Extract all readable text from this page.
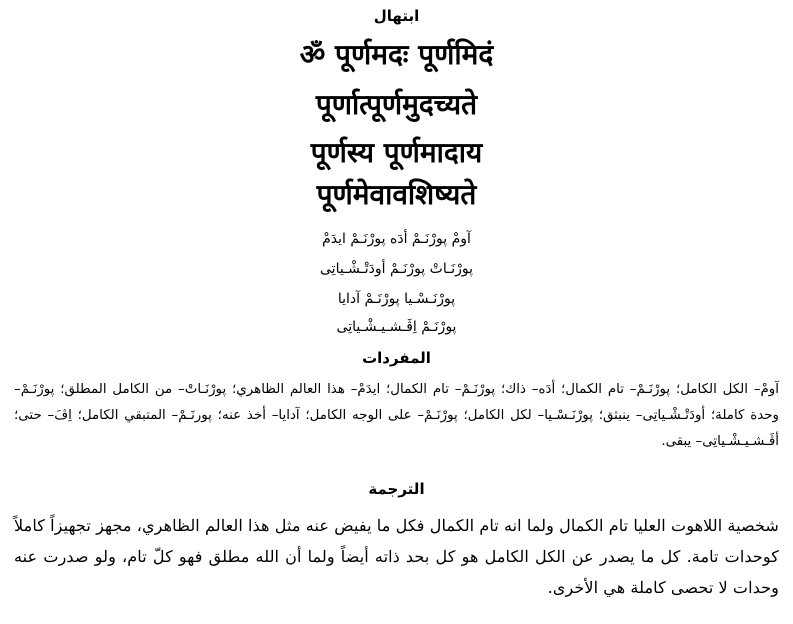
ابتهال
ॐ पूर्णमदः पूर्णमिदं
पूर्णात्पूर्णमुदच्यते
पूर्णस्य पूर्णमादाय
पूर्णमेवावशिष्यते
آومْ پورْنَـمْ أدَه پورْنَـمْ ایدَمْ
پورْنَـاتْ پورْنَـمْ أودَتْـشْـیاتِی
پورْنَـسْـیا پورْنَـمْ آدایا
پورْنَـمْ اِڤَـشـیـشْـیاتِی
المفردات
آومْ– الكل الكامل؛ پورْنَـمْ– تام الكمال؛ أدَه– ذاك؛ پورْنَـمْ– تام الكمال؛ ایدَمْ– هذا العالم الظاهري؛ پورْنَـاتْ– من الكامل المطلق؛ پورْنَـمْ– وحدة كاملة؛ أودَتْـشْـیاتِی– ینبثق؛ پورْنَـسْـیا– لكل الكامل؛ پورْنَـمْ– على الوجه الكامل؛ آدایا– أخذ عنه؛ پورنَـمْ– المتبقي الكامل؛ اِڤَ– حتى؛ أڤَـشـیـشْـیاتِی– یبقى.
الترجمة
شخصية اللاهوت العليا تام الكمال ولما انه تام الكمال فكل ما يفيض عنه مثل هذا العالم الظاهري، مجهز تجهيزاً كاملاً كوحدات تامة. كل ما يصدر عن الكل الكامل هو كل بحد ذاته أيضاً ولما أن الله مطلق فهو كلّ تام، ولو صدرت عنه وحدات لا تحصى كاملة هي الأخرى.
